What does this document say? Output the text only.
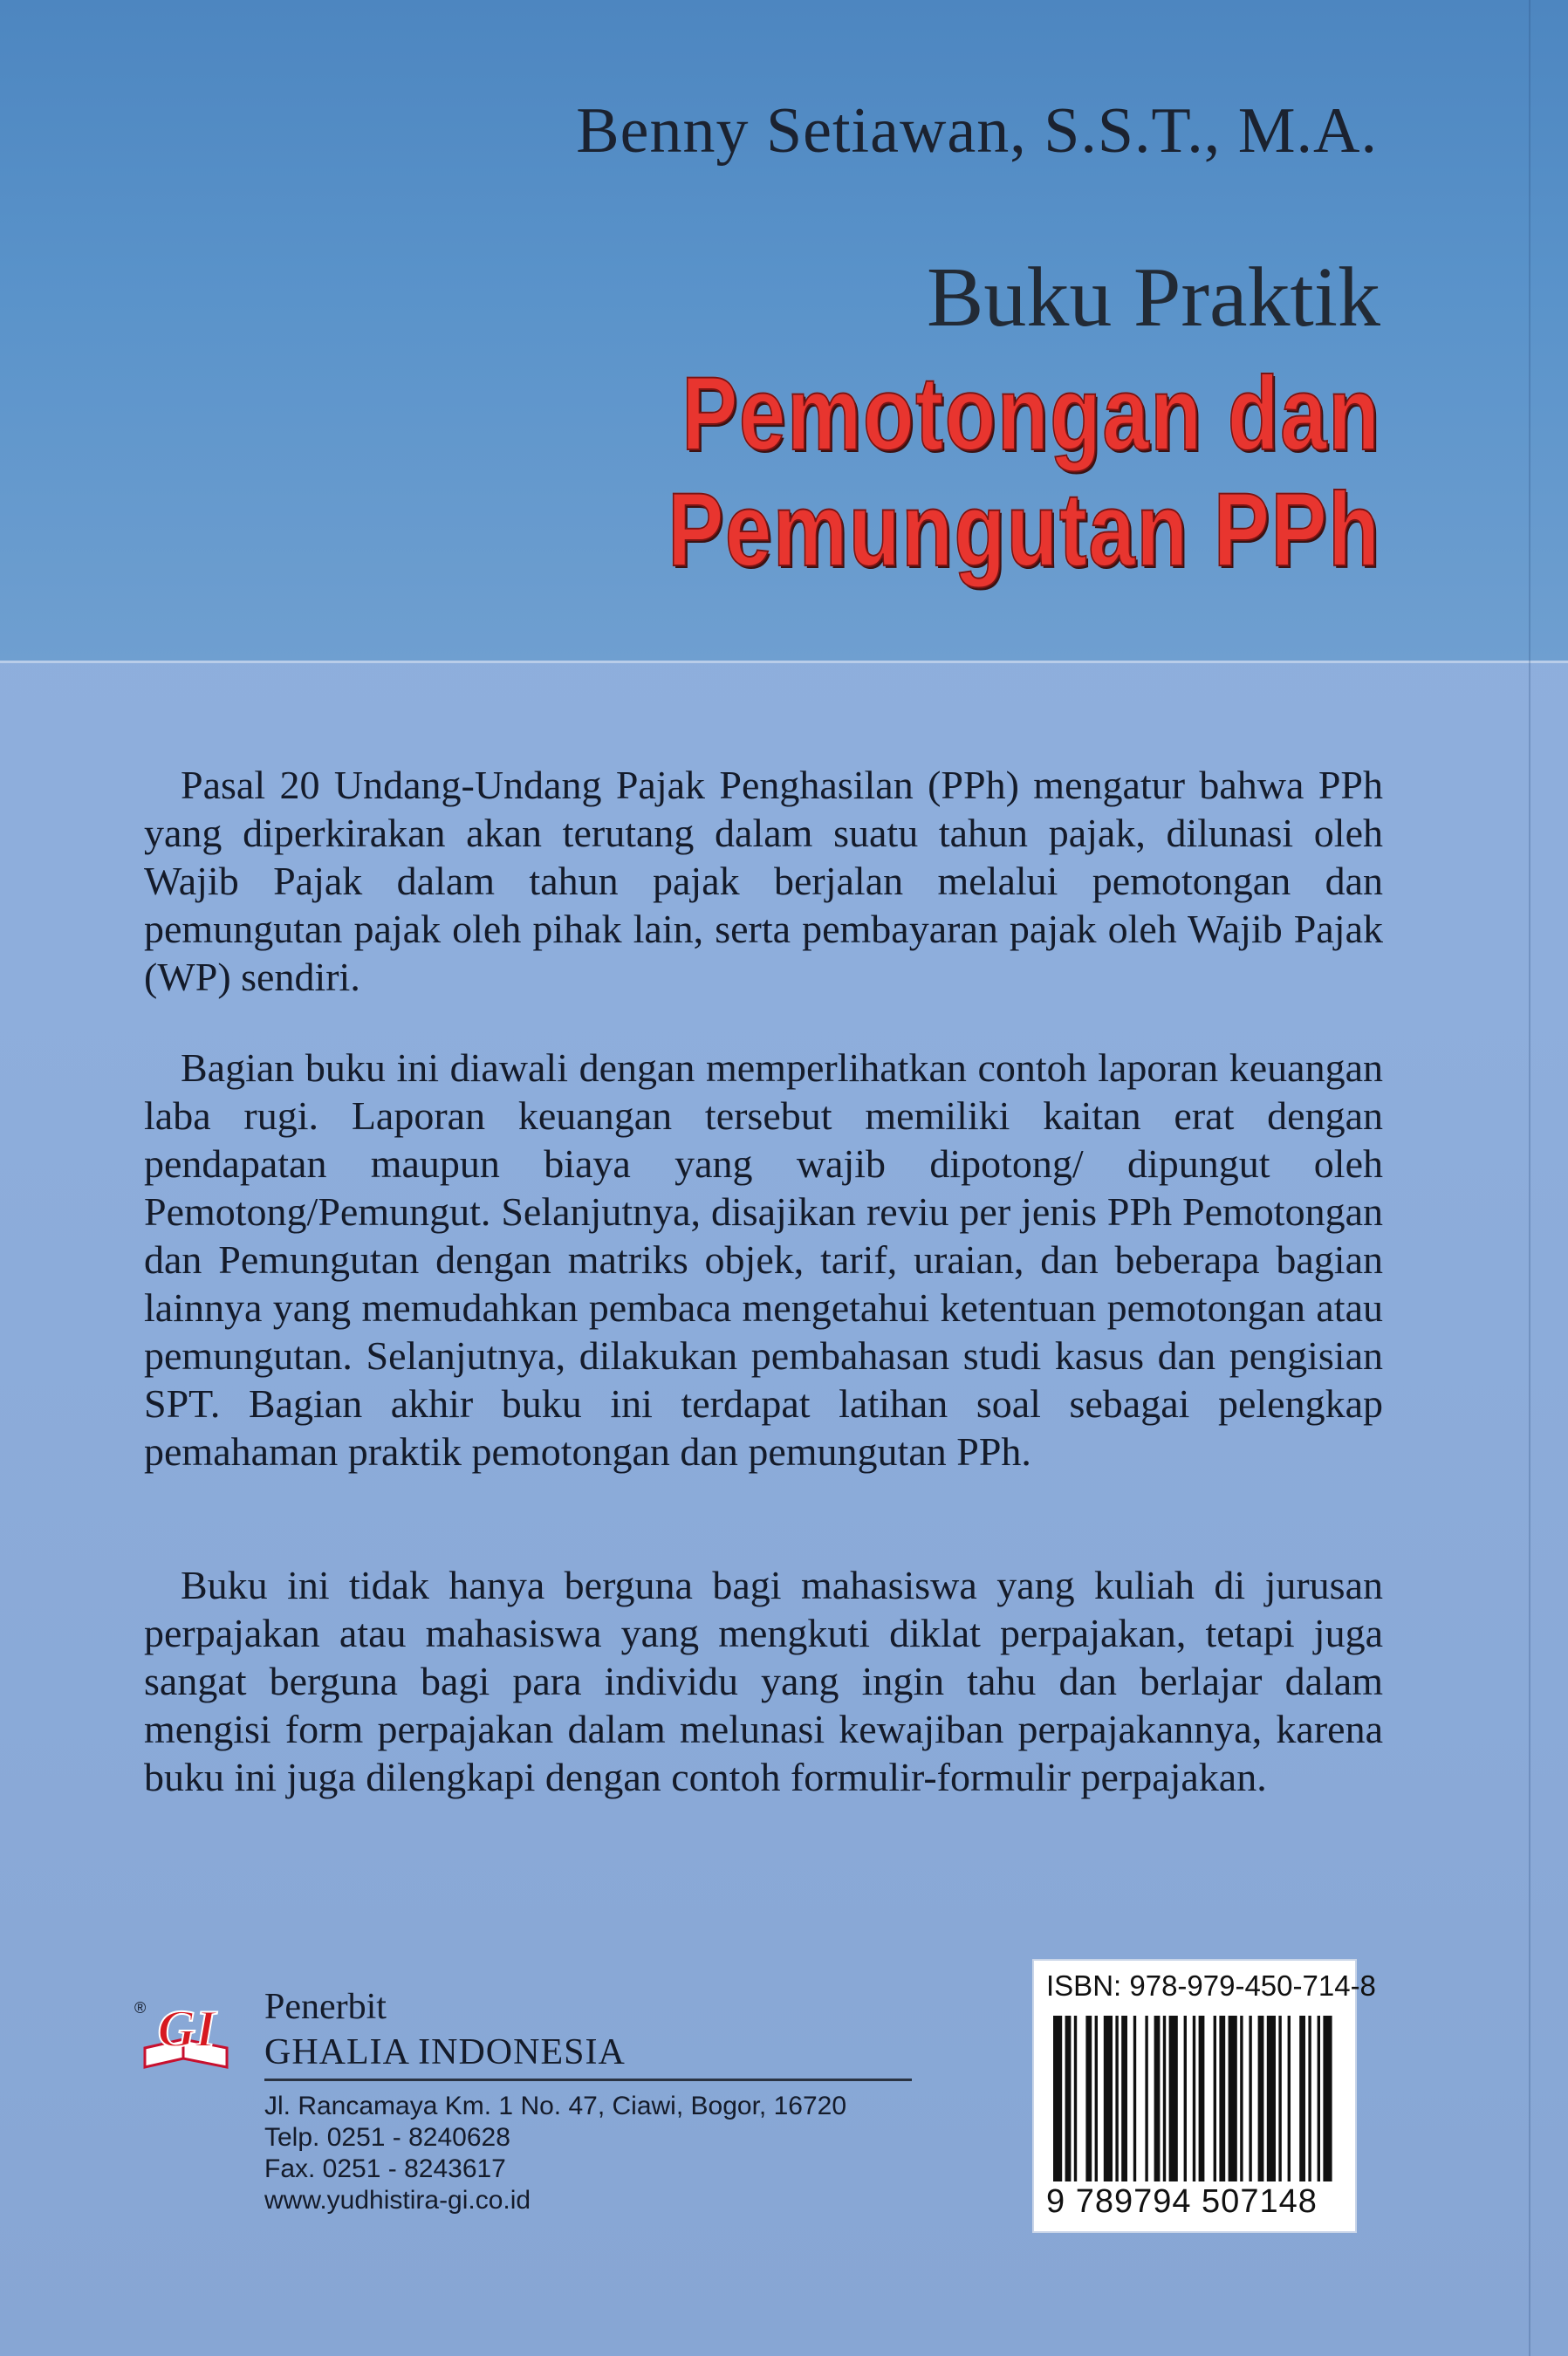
Benny Setiawan, S.S.T., M.A.
Buku Praktik
Pemotongan dan
Pemungutan PPh

Pasal 20 Undang-Undang Pajak Penghasilan (PPh) mengatur bahwa PPh yang diperkirakan akan terutang dalam suatu tahun pajak, dilunasi oleh Wajib Pajak dalam tahun pajak berjalan melalui pemotongan dan pemungutan pajak oleh pihak lain, serta pembayaran pajak oleh Wajib Pajak (WP) sendiri.

Bagian buku ini diawali dengan memperlihatkan contoh laporan keuangan laba rugi. Laporan keuangan tersebut memiliki kaitan erat dengan pendapatan maupun biaya yang wajib dipotong/ dipungut oleh Pemotong/Pemungut. Selanjutnya, disajikan reviu per jenis PPh Pemotongan dan Pemungutan dengan matriks objek, tarif, uraian, dan beberapa bagian lainnya yang memudahkan pembaca mengetahui ketentuan pemotongan atau pemungutan. Selanjutnya, dilakukan pembahasan studi kasus dan pengisian SPT. Bagian akhir buku ini terdapat latihan soal sebagai pelengkap pemahaman praktik pemotongan dan pemungutan PPh.

Buku ini tidak hanya berguna bagi mahasiswa yang kuliah di jurusan perpajakan atau mahasiswa yang mengkuti diklat perpajakan, tetapi juga sangat berguna bagi para individu yang ingin tahu dan berlajar dalam mengisi form perpajakan dalam melunasi kewajiban perpajakannya, karena buku ini juga dilengkapi dengan contoh formulir-formulir perpajakan.

GI
®	Penerbit
GHALIA INDONESIA
Jl. Rancamaya Km. 1 No. 47, Ciawi, Bogor, 16720
Telp. 0251 - 8240628
Fax. 0251 - 8243617
www.yudhistira-gi.co.id
ISBN: 978-979-450-714-8
9 789794 507148
